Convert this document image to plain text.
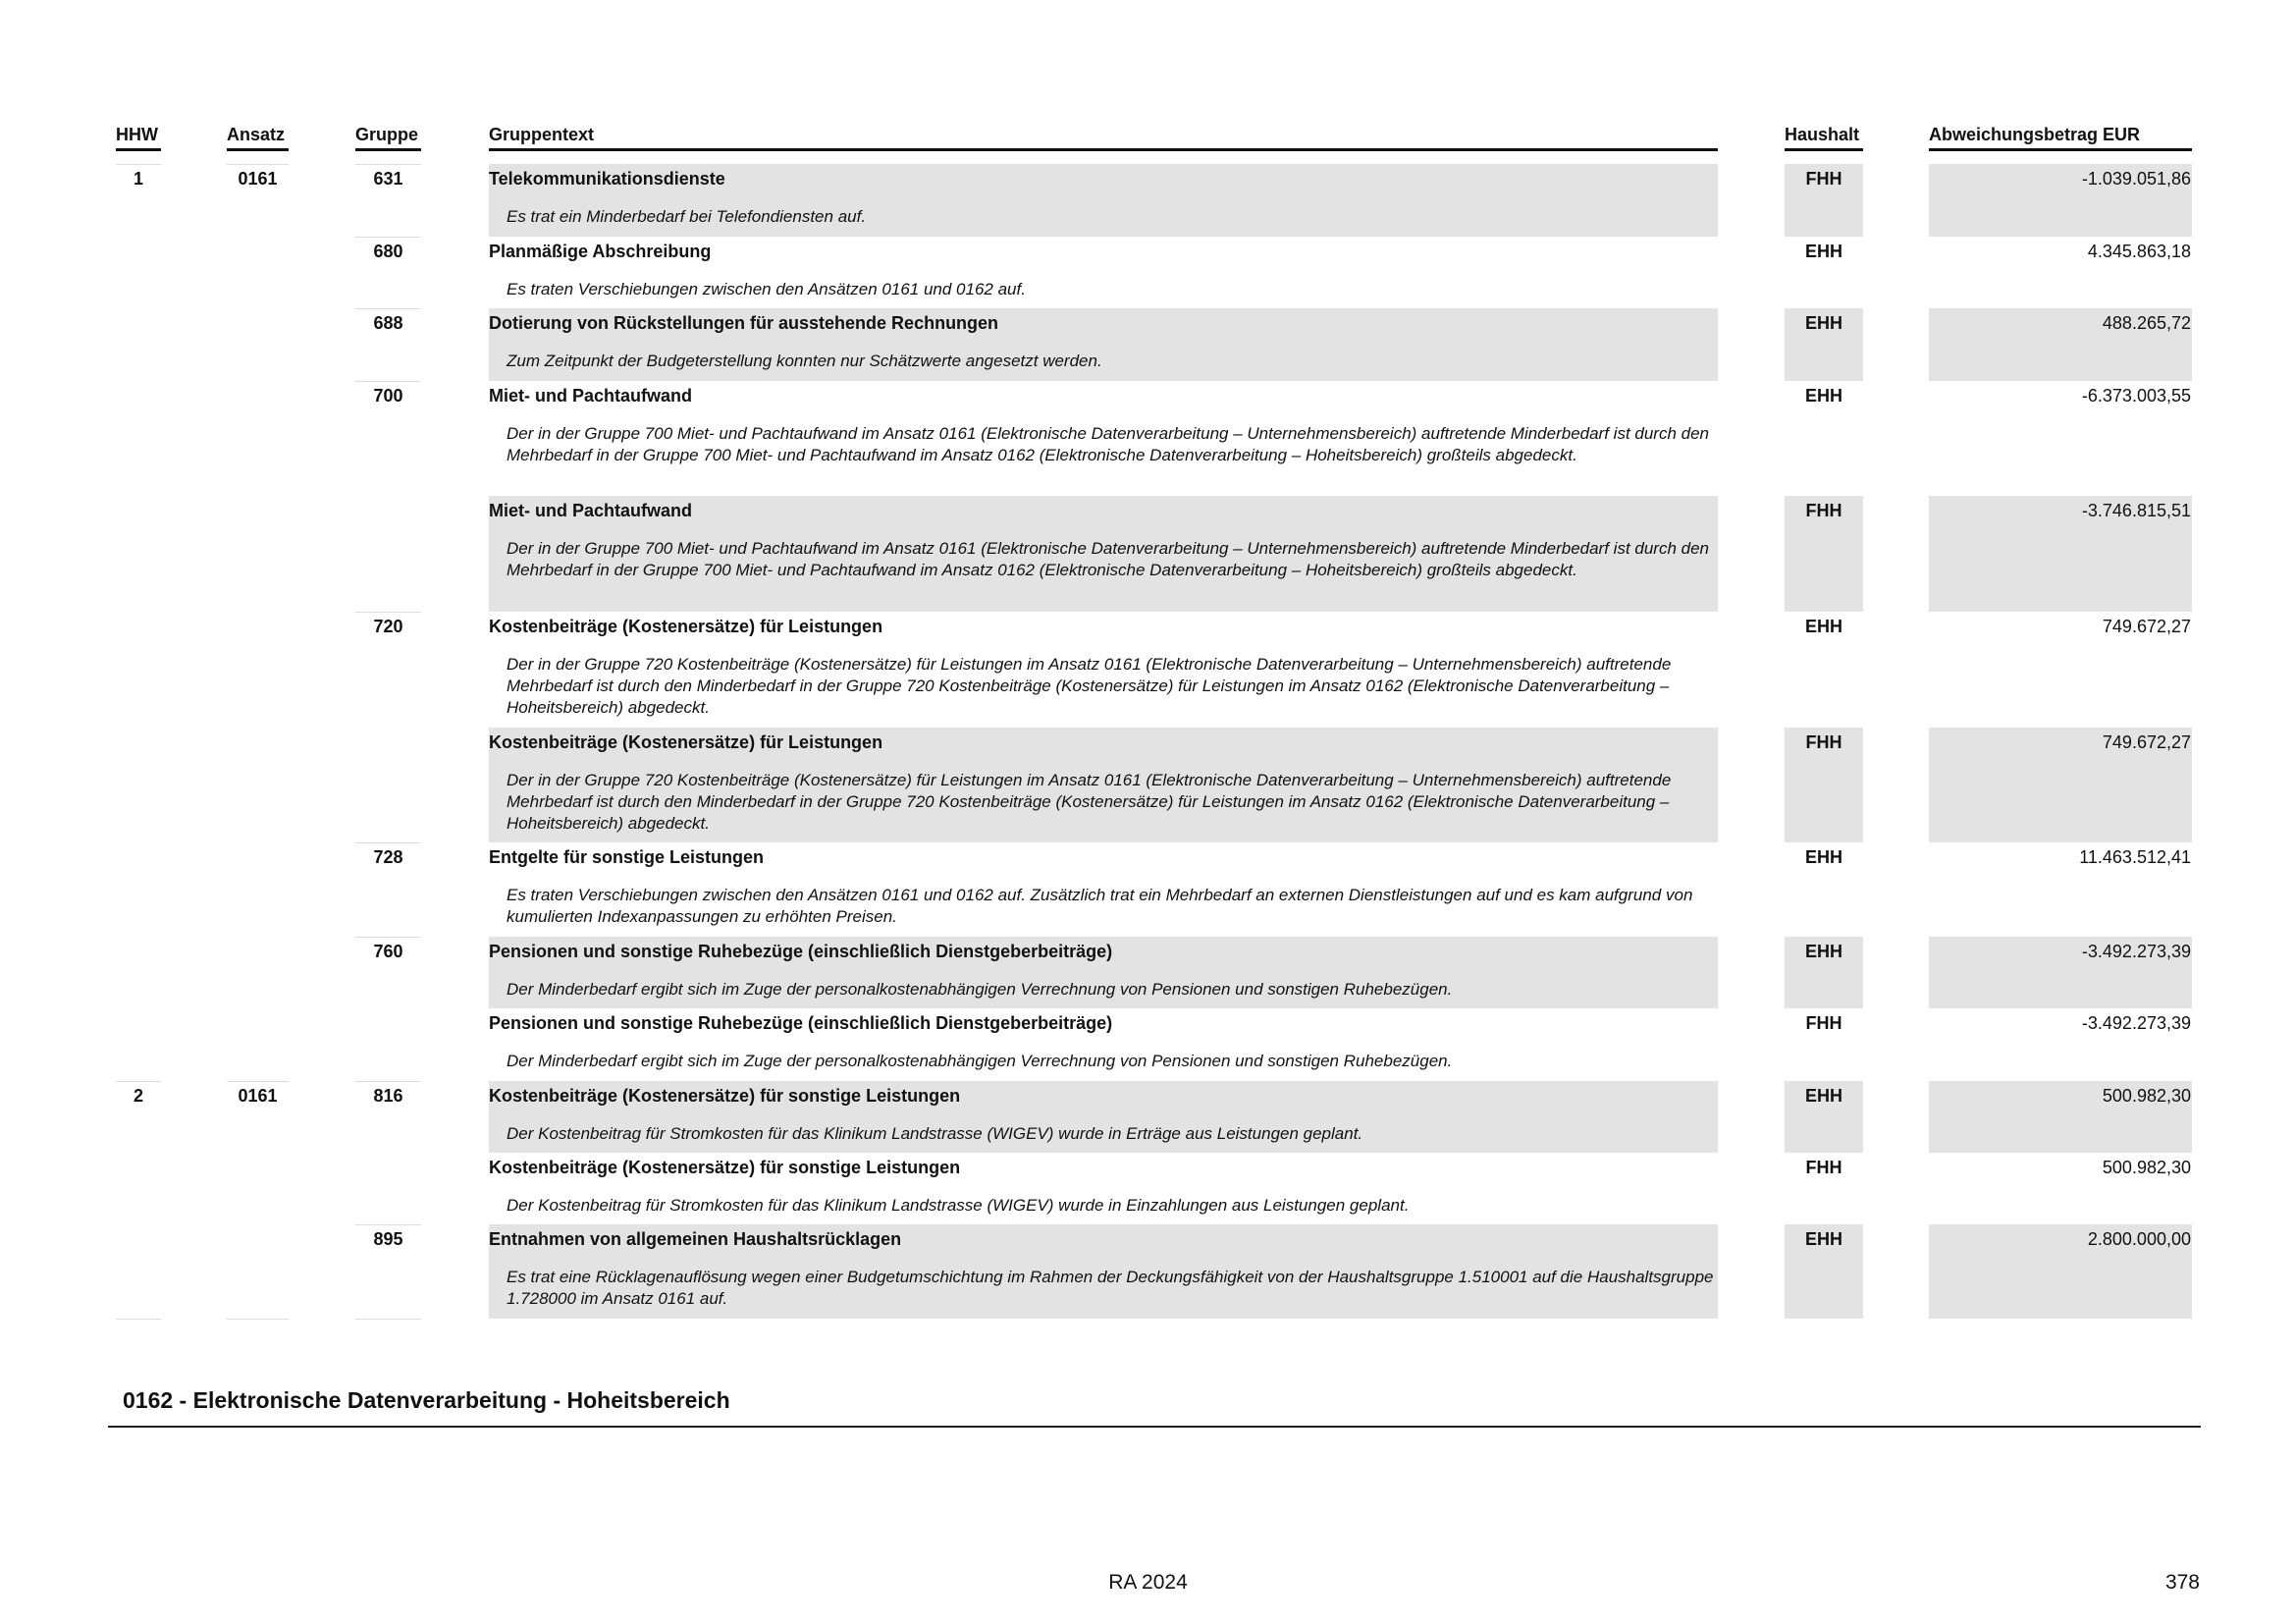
HHW	Ansatz	Gruppe	Gruppentext	Haushalt	Abweichungsbetrag EUR
1	0161	631	Telekommunikationsdienste
Es trat ein Minderbedarf bei Telefondiensten auf.
FHH	-1.039.051,86
680	Planmäßige Abschreibung
Es traten Verschiebungen zwischen den Ansätzen 0161 und 0162 auf.
EHH	4.345.863,18
688	Dotierung von Rückstellungen für ausstehende Rechnungen
Zum Zeitpunkt der Budgeterstellung konnten nur Schätzwerte angesetzt werden.
EHH	488.265,72
700	Miet- und Pachtaufwand
Der in der Gruppe 700 Miet- und Pachtaufwand im Ansatz 0161 (Elektronische Datenverarbeitung – Unternehmensbereich) auftretende Minderbedarf ist durch den Mehrbedarf in der Gruppe 700 Miet- und Pachtaufwand im Ansatz 0162 (Elektronische Datenverarbeitung – Hoheitsbereich) großteils abgedeckt.
EHH	-6.373.003,55
Miet- und Pachtaufwand
Der in der Gruppe 700 Miet- und Pachtaufwand im Ansatz 0161 (Elektronische Datenverarbeitung – Unternehmensbereich) auftretende Minderbedarf ist durch den Mehrbedarf in der Gruppe 700 Miet- und Pachtaufwand im Ansatz 0162 (Elektronische Datenverarbeitung – Hoheitsbereich) großteils abgedeckt.
FHH	-3.746.815,51
720	Kostenbeiträge (Kostenersätze) für Leistungen
Der in der Gruppe 720 Kostenbeiträge (Kostenersätze) für Leistungen im Ansatz 0161 (Elektronische Datenverarbeitung – Unternehmensbereich) auftretende Mehrbedarf ist durch den Minderbedarf in der Gruppe 720 Kostenbeiträge (Kostenersätze) für Leistungen im Ansatz 0162 (Elektronische Datenverarbeitung – Hoheitsbereich) abgedeckt.
EHH	749.672,27
Kostenbeiträge (Kostenersätze) für Leistungen
Der in der Gruppe 720 Kostenbeiträge (Kostenersätze) für Leistungen im Ansatz 0161 (Elektronische Datenverarbeitung – Unternehmensbereich) auftretende Mehrbedarf ist durch den Minderbedarf in der Gruppe 720 Kostenbeiträge (Kostenersätze) für Leistungen im Ansatz 0162 (Elektronische Datenverarbeitung – Hoheitsbereich) abgedeckt.
FHH	749.672,27
728	Entgelte für sonstige Leistungen
Es traten Verschiebungen zwischen den Ansätzen 0161 und 0162 auf. Zusätzlich trat ein Mehrbedarf an externen Dienstleistungen auf und es kam aufgrund von kumulierten Indexanpassungen zu erhöhten Preisen.
EHH	11.463.512,41
760	Pensionen und sonstige Ruhebezüge (einschließlich Dienstgeberbeiträge)
Der Minderbedarf ergibt sich im Zuge der personalkostenabhängigen Verrechnung von Pensionen und sonstigen Ruhebezügen.
EHH	-3.492.273,39
Pensionen und sonstige Ruhebezüge (einschließlich Dienstgeberbeiträge)
Der Minderbedarf ergibt sich im Zuge der personalkostenabhängigen Verrechnung von Pensionen und sonstigen Ruhebezügen.
FHH	-3.492.273,39
2	0161	816	Kostenbeiträge (Kostenersätze) für sonstige Leistungen
Der Kostenbeitrag für Stromkosten für das Klinikum Landstrasse (WIGEV) wurde in Erträge aus Leistungen geplant.
EHH	500.982,30
Kostenbeiträge (Kostenersätze) für sonstige Leistungen
Der Kostenbeitrag für Stromkosten für das Klinikum Landstrasse (WIGEV) wurde in Einzahlungen aus Leistungen geplant.
FHH	500.982,30
895	Entnahmen von allgemeinen Haushaltsrücklagen
Es trat eine Rücklagenauflösung wegen einer Budgetumschichtung im Rahmen der Deckungsfähigkeit von der Haushaltsgruppe 1.510001 auf die Haushaltsgruppe 1.728000 im Ansatz 0161 auf.
EHH	2.800.000,00
0162 - Elektronische Datenverarbeitung - Hoheitsbereich
RA 2024	378
